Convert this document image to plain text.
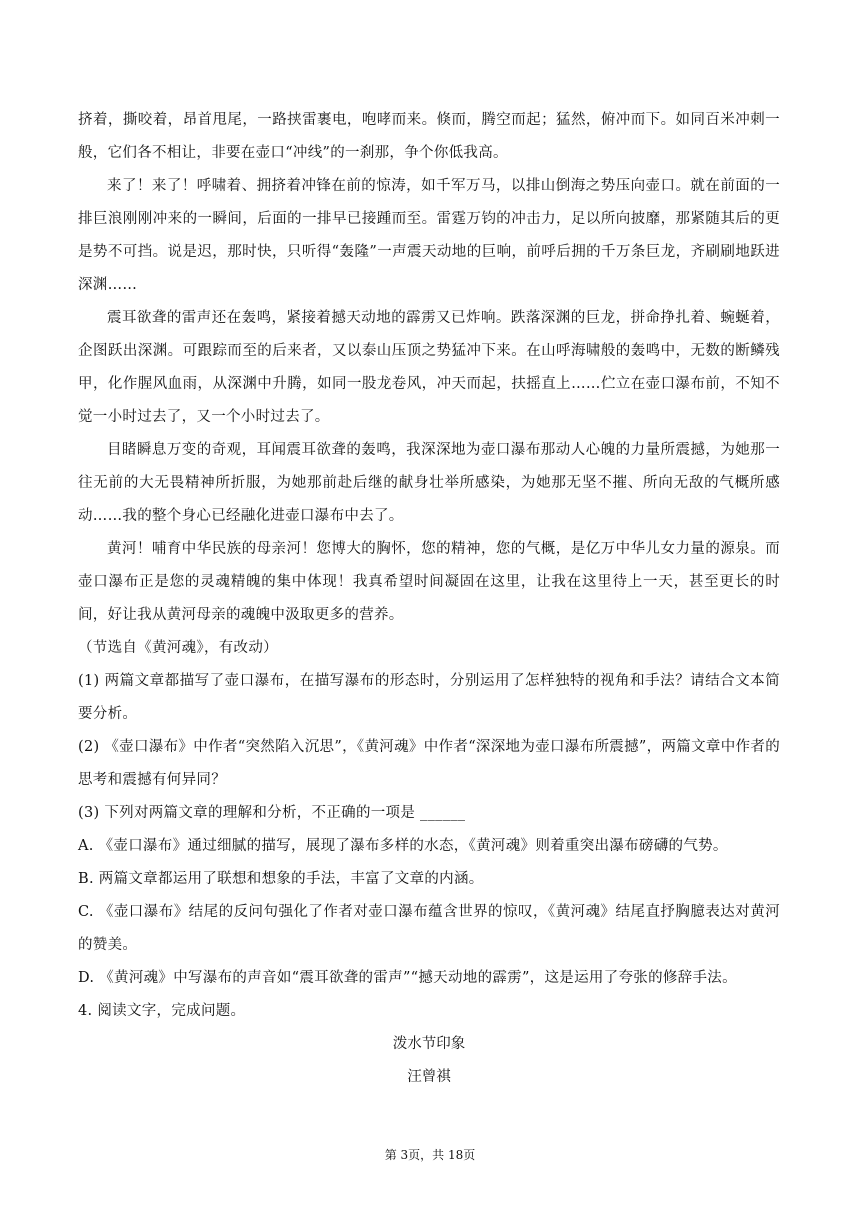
挤着，撕咬着，昂首甩尾，一路挟雷裹电，咆哮而来。倏而，腾空而起；猛然，俯冲而下。如同百米冲刺一般，它们各不相让，非要在壶口“冲线”的一刹那，争个你低我高。

来了！来了！呼啸着、拥挤着冲锋在前的惊涛，如千军万马，以排山倒海之势压向壶口。就在前面的一排巨浪刚刚冲来的一瞬间，后面的一排早已接踵而至。雷霆万钧的冲击力，足以所向披靡，那紧随其后的更是势不可挡。说是迟，那时快，只听得“轰隆”一声震天动地的巨响，前呼后拥的千万条巨龙，齐刷刷地跃进深渊……

震耳欲聋的雷声还在轰鸣，紧接着撼天动地的霹雳又已炸响。跌落深渊的巨龙，拼命挣扎着、蜿蜒着，企图跃出深渊。可跟踪而至的后来者，又以泰山压顶之势猛冲下来。在山呼海啸般的轰鸣中，无数的断鳞残甲，化作腥风血雨，从深渊中升腾，如同一股龙卷风，冲天而起，扶摇直上……伫立在壶口瀑布前，不知不觉一小时过去了，又一个小时过去了。

目睹瞬息万变的奇观，耳闻震耳欲聋的轰鸣，我深深地为壶口瀑布那动人心魄的力量所震撼，为她那一往无前的大无畏精神所折服，为她那前赴后继的献身壮举所感染，为她那无坚不摧、所向无敌的气概所感动……我的整个身心已经融化进壶口瀑布中去了。

黄河！哺育中华民族的母亲河！您博大的胸怀，您的精神，您的气概，是亿万中华儿女力量的源泉。而壶口瀑布正是您的灵魂精魄的集中体现！我真希望时间凝固在这里，让我在这里待上一天，甚至更长的时间，好让我从黄河母亲的魂魄中汲取更多的营养。

（节选自《黄河魂》，有改动）

(1) 两篇文章都描写了壶口瀑布，在描写瀑布的形态时，分别运用了怎样独特的视角和手法？请结合文本简要分析。

(2) 《壶口瀑布》中作者“突然陷入沉思”，《黄河魂》中作者“深深地为壶口瀑布所震撼”，两篇文章中作者的思考和震撼有何异同？

(3) 下列对两篇文章的理解和分析，不正确的一项是 ______

A. 《壶口瀑布》通过细腻的描写，展现了瀑布多样的水态，《黄河魂》则着重突出瀑布磅礴的气势。

B. 两篇文章都运用了联想和想象的手法，丰富了文章的内涵。

C. 《壶口瀑布》结尾的反问句强化了作者对壶口瀑布蕴含世界的惊叹，《黄河魂》结尾直抒胸臆表达对黄河的赞美。

D. 《黄河魂》中写瀑布的声音如“震耳欲聋的雷声”“撼天动地的霹雳”，这是运用了夸张的修辞手法。

4. 阅读文字，完成问题。

泼水节印象

汪曾祺

第 3页，共 18页
